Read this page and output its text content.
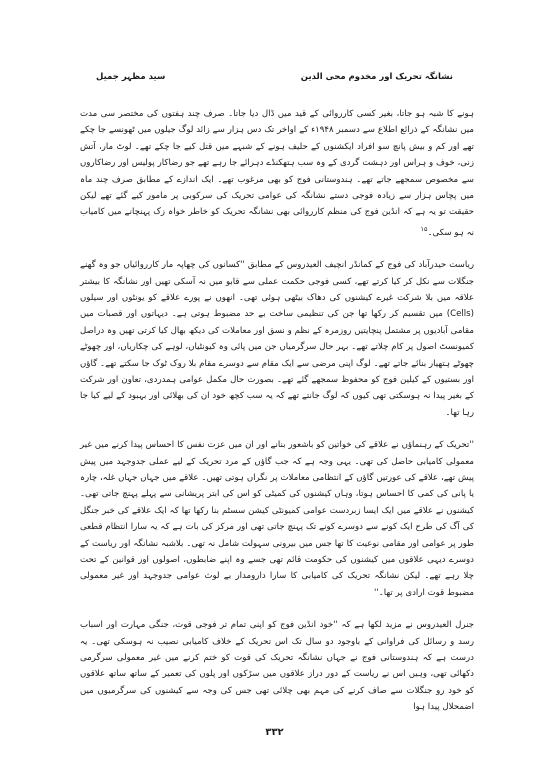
نشانگہ تحریک اور مخدوم محی الدین
سید مظہر جمیل

ہونے کا شبہ ہو جاتا، بغیر کسی کارروائی کے قید میں ڈال دیا جاتا۔ صرف چند ہفتوں کی مختصر سی مدت میں نشانگہ کے ذرائع اطلاع سے دسمبر ۱۹۴۸ء کے اواخر تک دس ہزار سے زائد لوگ جیلوں میں ٹھونسے جا چکے تھے اور کم و بیش پانچ سو افراد ایکشنوں کے حلیف ہونے کے شبہے میں قتل کیے جا چکے تھے۔ لوٹ مار، آتش زنی، خوف و ہراس اور دہشت گردی کے وہ سب ہتھکنڈے دہرائے جا رہے تھے جو رضاکار پولیس اور رضاکاروں سے مخصوص سمجھے جاتے تھے۔ ہندوستانی فوج کو بھی مرغوب تھے۔ ایک اندازے کے مطابق صرف چند ماہ میں پچاس ہزار سے زیادہ فوجی دستے نشانگہ کی عوامی تحریک کی سرکوبی پر مامور کیے گئے تھے لیکن حقیقت تو یہ ہے کہ انڈین فوج کی منظم کارروائی بھی نشانگہ تحریک کو خاطر خواہ زک پہنچانے میں کامیاب نہ ہو سکی۔$^{۱۵}$

ریاست حیدرآباد کی فوج کے کمانڈر انچیف العیدروس کے مطابق ''کسانوں کی چھاپہ مار کارروائیاں جو وہ گھنے جنگلات سے نکل کر کیا کرتے تھے، کسی فوجی حکمت عملی سے قابو میں نہ آسکی تھیں اور نشانگہ کا بیشتر علاقہ میں بلا شرکت غیرے کیشنوں کی دھاک بیٹھی ہوئی تھی۔ انھوں نے پورے علاقے کو یونٹوں اور سیلوں (Cells) میں تقسیم کر رکھا تھا جن کی تنظیمی ساخت بے حد مضبوط ہوتی ہے۔ دیہاتوں اور قصبات میں مقامی آبادیوں پر مشتمل پنچایتیں روزمرہ کے نظم و نسق اور معاملات کی دیکھ بھال کیا کرتی تھیں وہ دراصل کمیونسٹ اصول پر کام چلاتے تھے۔ بہر حال سرگرمیاں جن میں پائی وہ کیونٹیاں، لوہے کی چکاریاں، اور چھوٹے چھوٹے ہتھیار بنائے جاتے تھے۔ لوگ اپنی مرضی سے ایک مقام سے دوسرے مقام بلا روک ٹوک جا سکتے تھے۔ گاؤں اور بستیوں کے کیلین فوج کو محفوظ سمجھے گئے تھے۔ بصورت حال مکمل عوامی ہمدردی، تعاون اور شرکت کے بغیر پیدا نہ ہوسکتی تھی کیوں کہ لوگ جانتے تھے کہ یہ سب کچھ خود ان کی بھلائی اور بہبود کے لیے کیا جا رہا تھا۔

''تحریک کے رہنماؤں نے علاقے کی خواتین کو باشعور بنانے اور ان میں عزت نفس کا احساس پیدا کرنے میں غیر معمولی کامیابی حاصل کی تھی۔ یہی وجہ ہے کہ جب گاؤں کے مرد تحریک کے لیے عملی جدوجہد میں پیش پیش تھے، علاقے کی عورتیں گاؤں کے انتظامی معاملات پر نگراں ہوتی تھیں۔ علاقے میں جہاں جہاں غلہ، چارہ یا پانی کی کمی کا احساس ہوتا، وہاں کیشنوں کی کمیٹی کو اس کی ابتر پریشانی سے پہلے پہنچ جاتی تھی۔ کیشنوں نے علاقے میں ایک ایسا زبردست عوامی کمیونٹی کیشن سسٹم بنا رکھا تھا کہ ایک علاقے کی خبر جنگل کی آگ کی طرح ایک کونے سے دوسرے کونے تک پہنچ جاتی تھی اور مرکز کی بات ہے کہ یہ سارا انتظام قطعی طور پر عوامی اور مقامی نوعیت کا تھا جس میں بیرونی سہولت شامل نہ تھی۔ بلاشبہ نشانگہ اور ریاست کے دوسرے دیہی علاقوں میں کیشنوں کی حکومت قائم تھی جسے وہ اپنے ضابطوں، اصولوں اور قوانین کے تحت چلا رہے تھے۔ لیکن نشانگہ تحریک کی کامیابی کا سارا دارومدار بے لوث عوامی جدوجہد اور غیر معمولی مضبوط قوت ارادی پر تھا۔''

جنرل العیدروس نے مزید لکھا ہے کہ ''خود انڈین فوج کو اپنی تمام تر فوجی قوت، جنگی مہارت اور اسباب رسد و رسائل کی فراوانی کے باوجود دو سال تک اس تحریک کے خلاف کامیابی نصیب نہ ہوسکی تھی۔ یہ درست ہے کہ ہندوستانی فوج نے جہاں نشانگہ تحریک کی قوت کو ختم کرنے میں غیر معمولی سرگرمی دکھائی تھی، وہیں اس نے ریاست کے دور دراز علاقوں میں سڑکوں اور پلوں کی تعمیر کے ساتھ ساتھ علاقوں کو خود رو جنگلات سے صاف کرنے کی مہم بھی چلائی تھی جس کی وجہ سے کیشنوں کی سرگرمیوں میں اضمحلال پیدا ہوا

۳۳۲
